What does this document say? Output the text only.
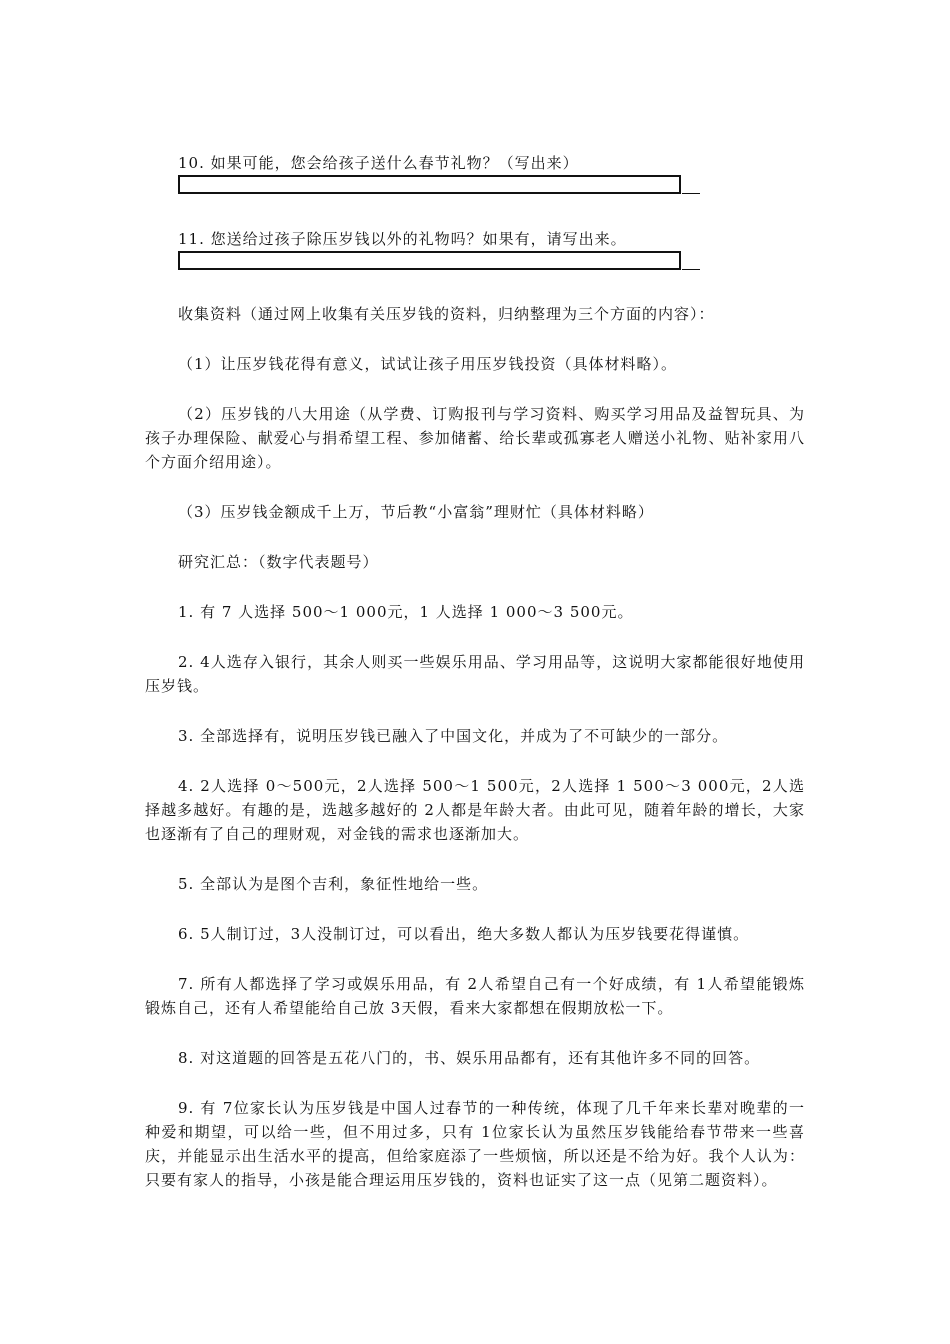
10. 如果可能，您会给孩子送什么春节礼物？（写出来）
11. 您送给过孩子除压岁钱以外的礼物吗？如果有，请写出来。

收集资料（通过网上收集有关压岁钱的资料，归纳整理为三个方面的内容）：

（1）让压岁钱花得有意义，试试让孩子用压岁钱投资（具体材料略）。

（2）压岁钱的八大用途（从学费、订购报刊与学习资料、购买学习用品及益智玩具、为孩子办理保险、献爱心与捐希望工程、参加储蓄、给长辈或孤寡老人赠送小礼物、贴补家用八个方面介绍用途）。

（3）压岁钱金额成千上万，节后教“小富翁”理财忙（具体材料略）

研究汇总：（数字代表题号）

1. 有 7 人选择 500～1 000元，1 人选择 1 000～3 500元。

2. 4人选存入银行，其余人则买一些娱乐用品、学习用品等，这说明大家都能很好地使用压岁钱。

3. 全部选择有，说明压岁钱已融入了中国文化，并成为了不可缺少的一部分。

4. 2人选择 0～500元，2人选择 500～1 500元，2人选择 1 500～3 000元，2人选择越多越好。有趣的是，选越多越好的 2人都是年龄大者。由此可见，随着年龄的增长，大家也逐渐有了自己的理财观，对金钱的需求也逐渐加大。

5. 全部认为是图个吉利，象征性地给一些。

6. 5人制订过，3人没制订过，可以看出，绝大多数人都认为压岁钱要花得谨慎。

7. 所有人都选择了学习或娱乐用品，有 2人希望自己有一个好成绩，有 1人希望能锻炼锻炼自己，还有人希望能给自己放 3天假，看来大家都想在假期放松一下。

8. 对这道题的回答是五花八门的，书、娱乐用品都有，还有其他许多不同的回答。

9. 有 7位家长认为压岁钱是中国人过春节的一种传统，体现了几千年来长辈对晚辈的一种爱和期望，可以给一些，但不用过多，只有 1位家长认为虽然压岁钱能给春节带来一些喜庆，并能显示出生活水平的提高，但给家庭添了一些烦恼，所以还是不给为好。我个人认为：只要有家人的指导，小孩是能合理运用压岁钱的，资料也证实了这一点（见第二题资料）。
